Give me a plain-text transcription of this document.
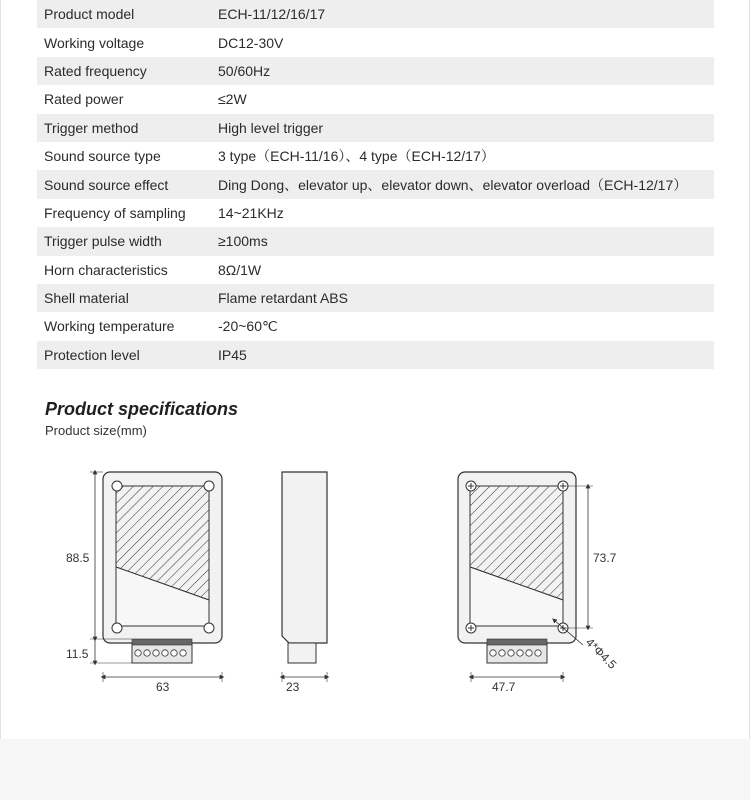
Product model	ECH-11/12/16/17
Working voltage	DC12-30V
Rated frequency	50/60Hz
Rated power	≤2W
Trigger method	High level trigger
Sound source type	3 type（ECH-11/16）、4 type（ECH-12/17）
Sound source effect	Ding Dong、elevator up、elevator down、elevator overload（ECH-12/17）
Frequency of sampling	14~21KHz
Trigger pulse width	≥100ms
Horn characteristics	8Ω/1W
Shell material	Flame retardant ABS
Working temperature	-20~60℃
Protection level	IP45
Product specifications
Product size(mm)
88.5
11.5
63	23
73.7
47.7
4*Φ4.5
